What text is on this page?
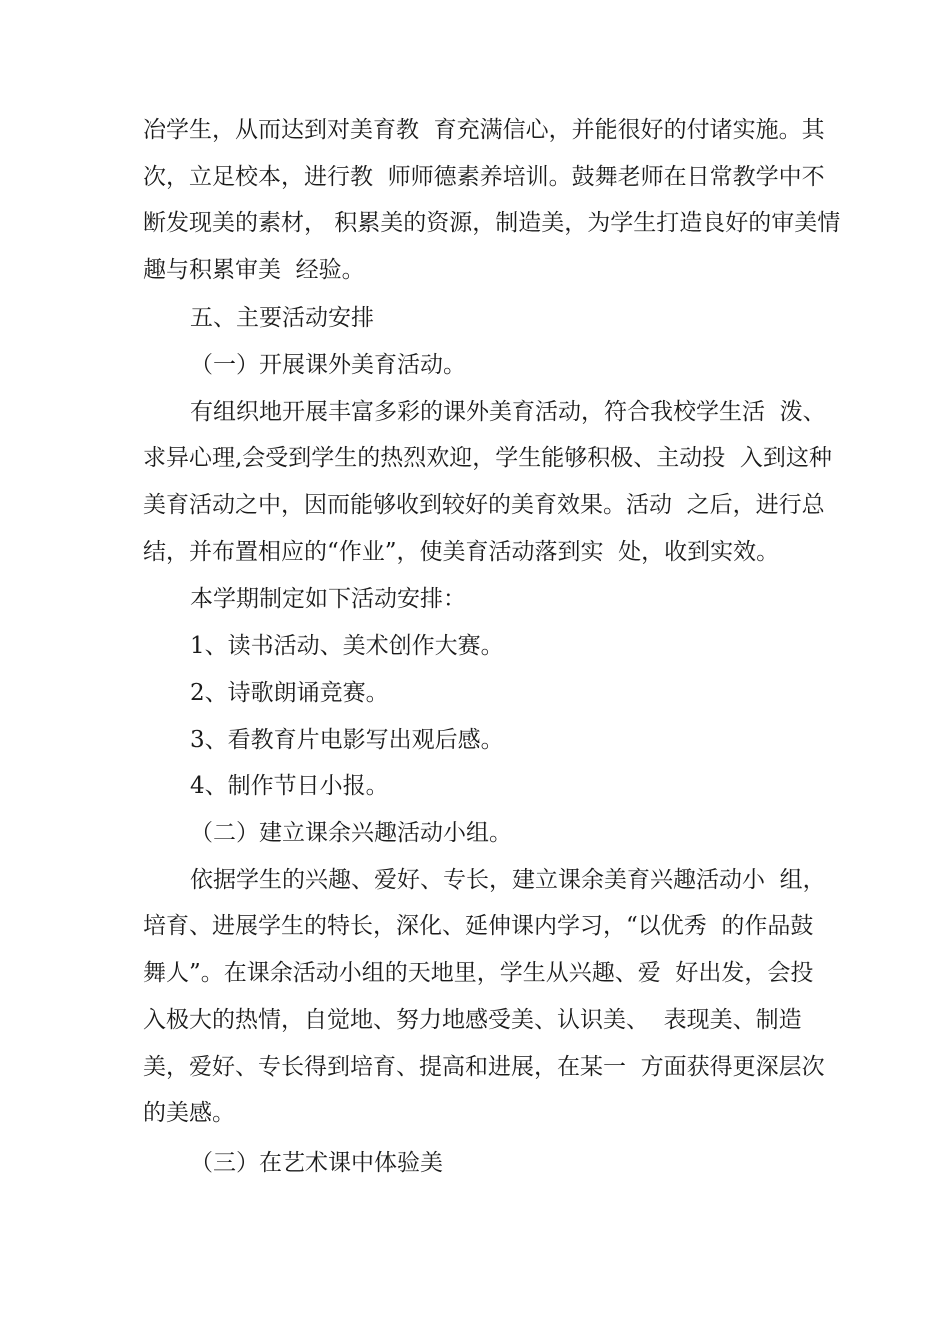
冶学生，从而达到对美育教  育充满信心，并能很好的付诸实施。其

次，立足校本，进行教  师师德素养培训。鼓舞老师在日常教学中不

断发现美的素材， 积累美的资源，制造美，为学生打造良好的审美情

趣与积累审美  经验。

五、主要活动安排

（一）开展课外美育活动。

有组织地开展丰富多彩的课外美育活动，符合我校学生活  泼、

求异心理,会受到学生的热烈欢迎，学生能够积极、主动投  入到这种

美育活动之中，因而能够收到较好的美育效果。活动  之后，进行总

结，并布置相应的“作业”，使美育活动落到实  处，收到实效。

本学期制定如下活动安排：

1、读书活动、美术创作大赛。

2、诗歌朗诵竞赛。

3、看教育片电影写出观后感。

4、制作节日小报。

（二）建立课余兴趣活动小组。

依据学生的兴趣、爱好、专长，建立课余美育兴趣活动小  组，

培育、进展学生的特长，深化、延伸课内学习，“以优秀  的作品鼓

舞人”。在课余活动小组的天地里，学生从兴趣、爱  好出发，会投

入极大的热情，自觉地、努力地感受美、认识美、  表现美、制造

美，爱好、专长得到培育、提高和进展，在某一  方面获得更深层次

的美感。

（三）在艺术课中体验美
